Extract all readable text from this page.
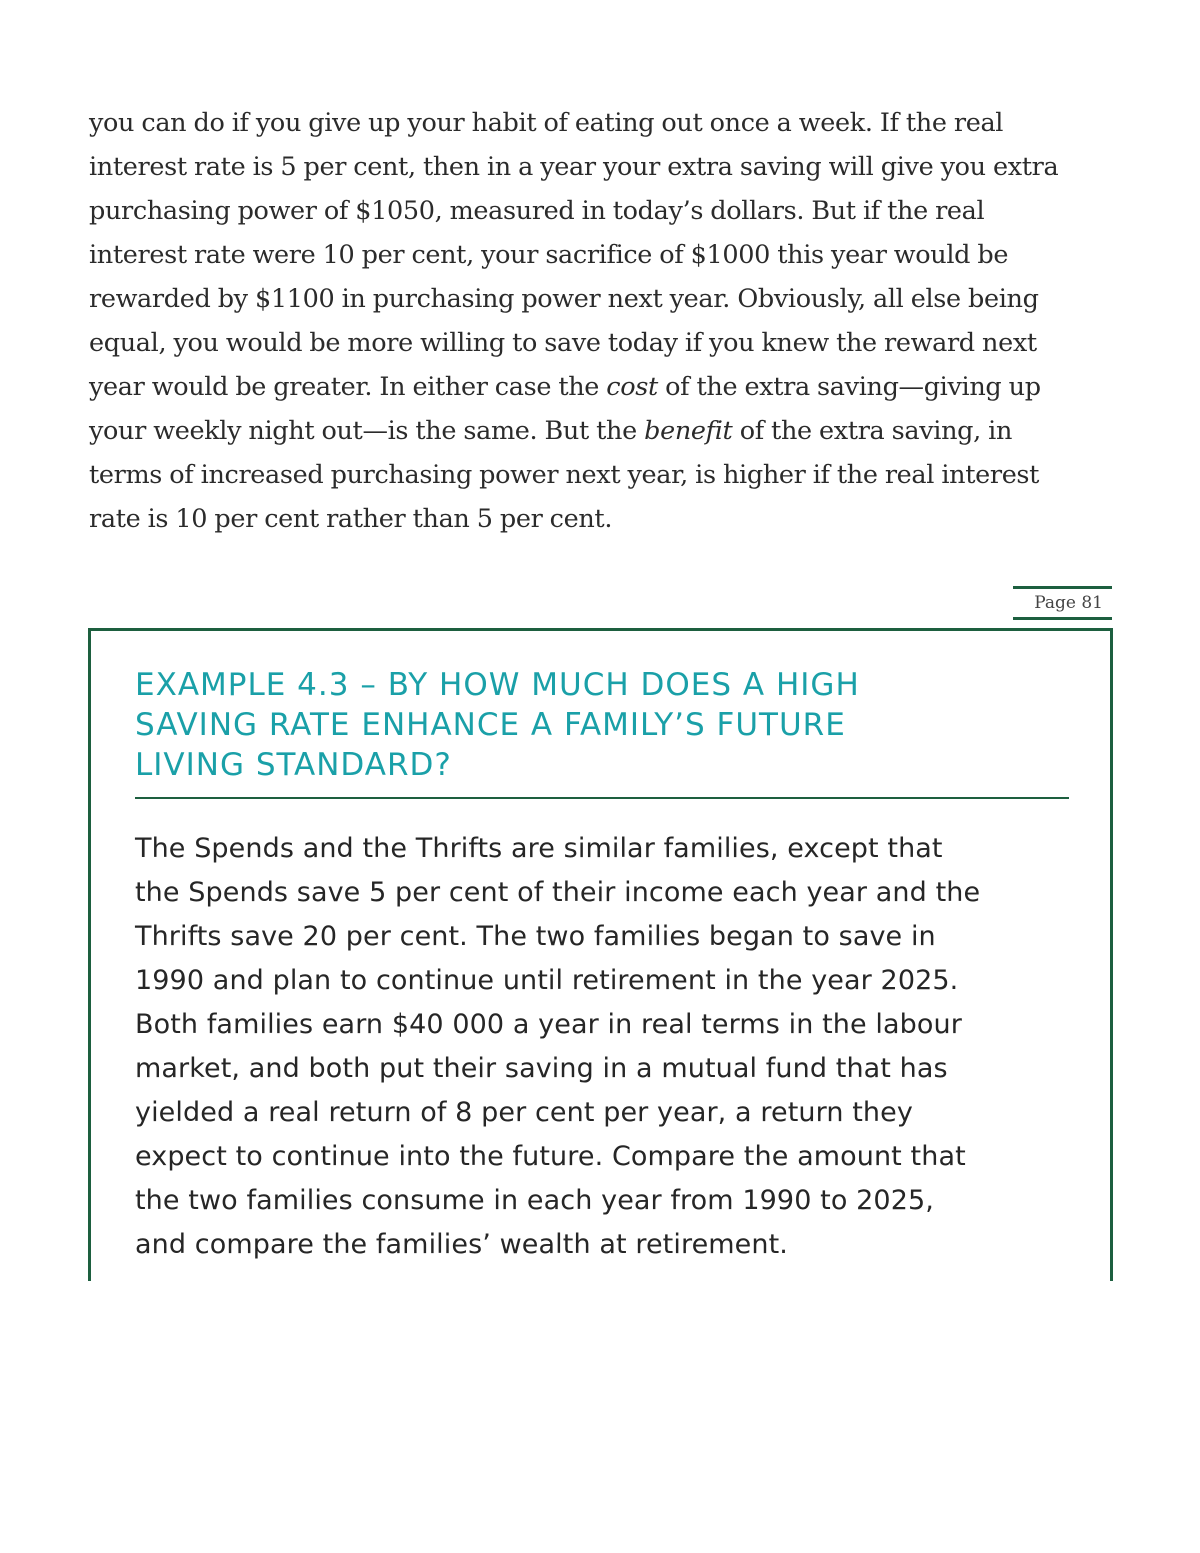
you can do if you give up your habit of eating out once a week. If the real
interest rate is 5 per cent, then in a year your extra saving will give you extra
purchasing power of $1050, measured in today’s dollars. But if the real
interest rate were 10 per cent, your sacrifice of $1000 this year would be
rewarded by $1100 in purchasing power next year. Obviously, all else being
equal, you would be more willing to save today if you knew the reward next
year would be greater. In either case the cost of the extra saving—giving up
your weekly night out—is the same. But the benefit of the extra saving, in
terms of increased purchasing power next year, is higher if the real interest
rate is 10 per cent rather than 5 per cent.
Page 81
EXAMPLE 4.3 – BY HOW MUCH DOES A HIGH
SAVING RATE ENHANCE A FAMILY’S FUTURE
LIVING STANDARD?
The Spends and the Thrifts are similar families, except that
the Spends save 5 per cent of their income each year and the
Thrifts save 20 per cent. The two families began to save in
1990 and plan to continue until retirement in the year 2025.
Both families earn $40 000 a year in real terms in the labour
market, and both put their saving in a mutual fund that has
yielded a real return of 8 per cent per year, a return they
expect to continue into the future. Compare the amount that
the two families consume in each year from 1990 to 2025,
and compare the families’ wealth at retirement.
